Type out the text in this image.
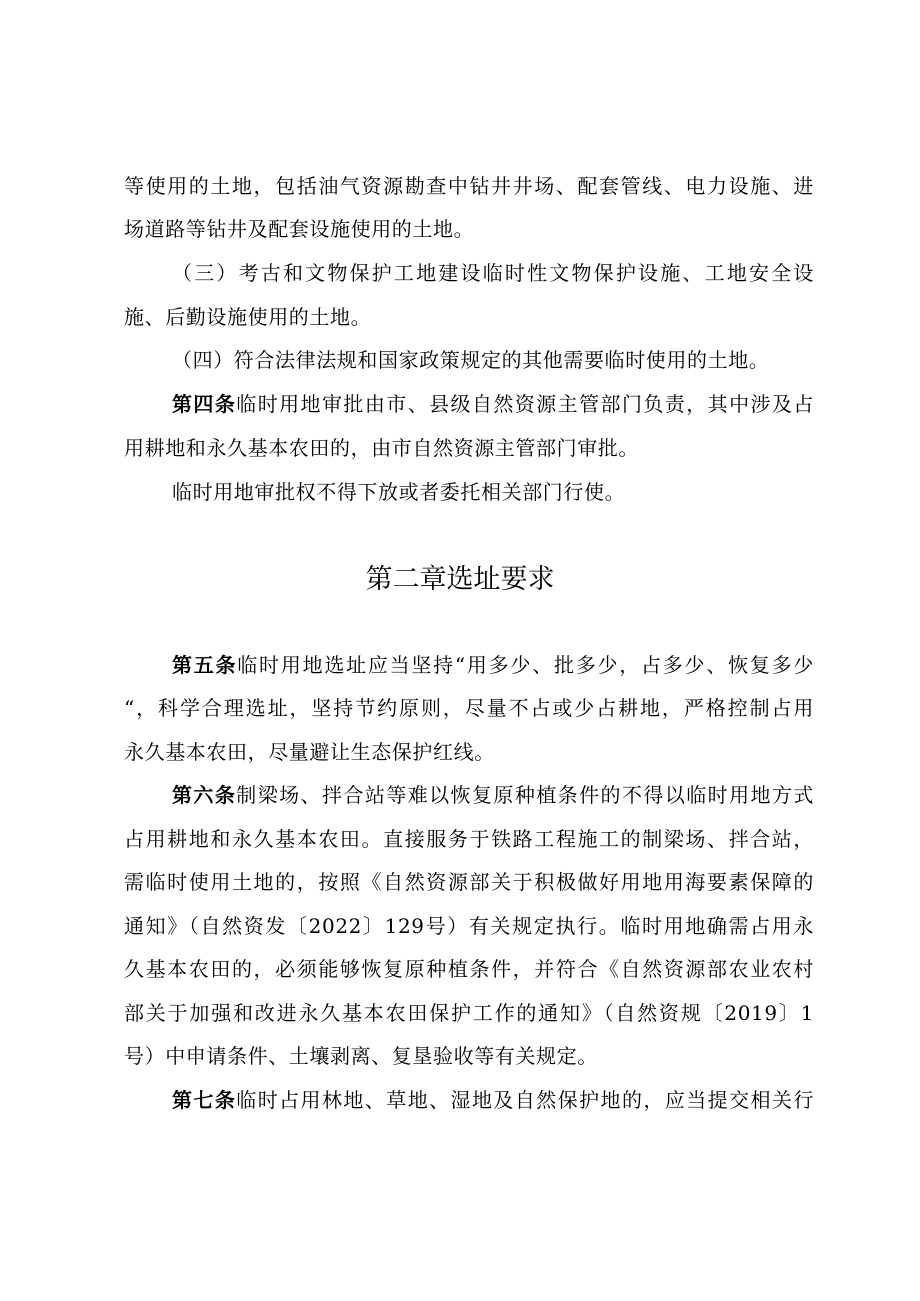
等使用的土地，包括油气资源勘查中钻井井场、配套管线、电力设施、进
场道路等钻井及配套设施使用的土地。
（三）考古和文物保护工地建设临时性文物保护设施、工地安全设
施、后勤设施使用的土地。
（四）符合法律法规和国家政策规定的其他需要临时使用的土地。
第四条临时用地审批由市、县级自然资源主管部门负责，其中涉及占
用耕地和永久基本农田的，由市自然资源主管部门审批。
临时用地审批权不得下放或者委托相关部门行使。
第二章选址要求
第五条临时用地选址应当坚持“用多少、批多少，占多少、恢复多少
“，科学合理选址，坚持节约原则，尽量不占或少占耕地，严格控制占用
永久基本农田，尽量避让生态保护红线。
第六条制梁场、拌合站等难以恢复原种植条件的不得以临时用地方式
占用耕地和永久基本农田。直接服务于铁路工程施工的制梁场、拌合站，
需临时使用土地的，按照《自然资源部关于积极做好用地用海要素保障的
通知》（自然资发〔2022〕129号）有关规定执行。临时用地确需占用永
久基本农田的，必须能够恢复原种植条件，并符合《自然资源部农业农村
部关于加强和改进永久基本农田保护工作的通知》（自然资规〔2019〕1
号）中申请条件、土壤剥离、复垦验收等有关规定。
第七条临时占用林地、草地、湿地及自然保护地的，应当提交相关行
